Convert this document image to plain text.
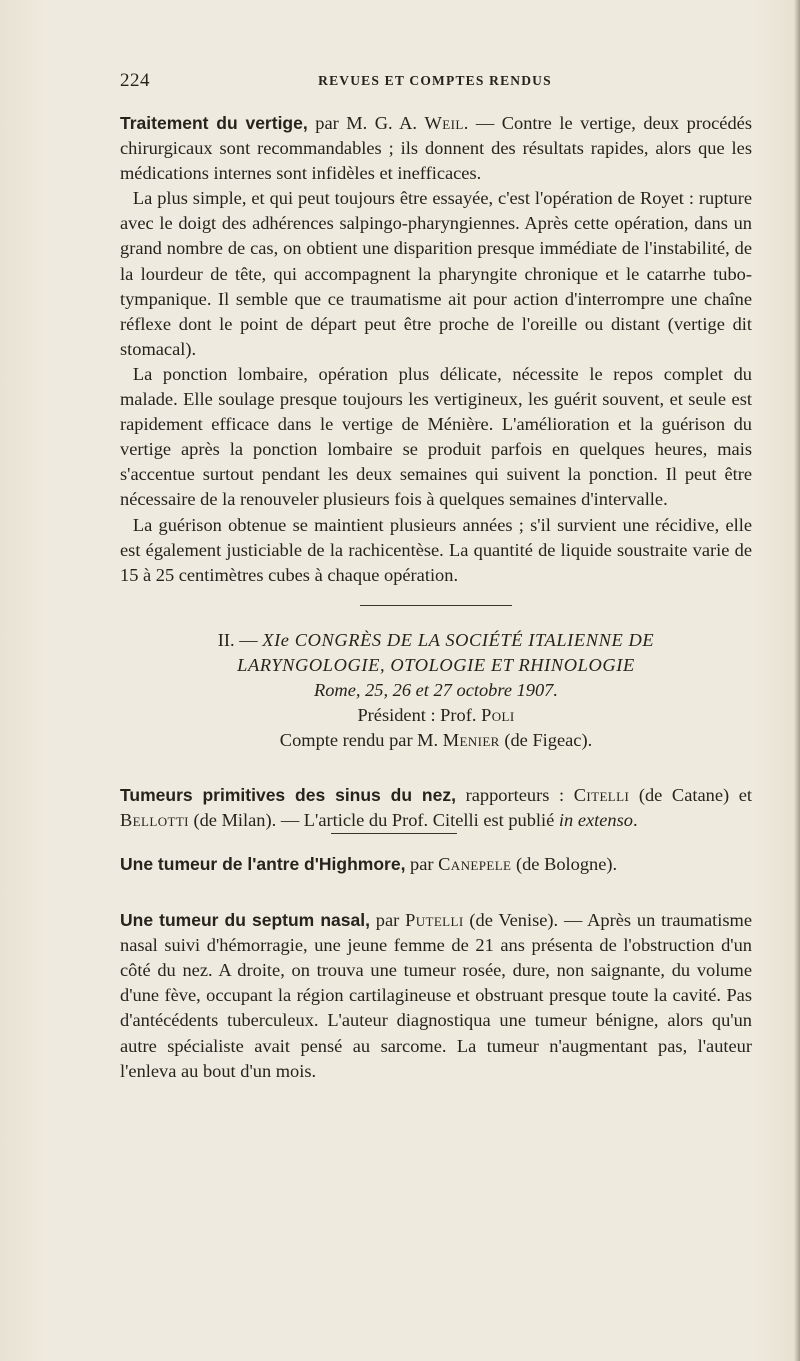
224	REVUES ET COMPTES RENDUS

Traitement du vertige, par M. G. A. Weil. — Contre le vertige, deux procédés chirurgicaux sont recommandables ; ils donnent des résultats rapides, alors que les médications internes sont infidèles et inefficaces.

La plus simple, et qui peut toujours être essayée, c'est l'opération de Royet : rupture avec le doigt des adhérences salpingo-pharyngiennes. Après cette opération, dans un grand nombre de cas, on obtient une disparition presque immédiate de l'instabilité, de la lourdeur de tête, qui accompagnent la pharyngite chronique et le catarrhe tubo-tympanique. Il semble que ce traumatisme ait pour action d'interrompre une chaîne réflexe dont le point de départ peut être proche de l'oreille ou distant (vertige dit stomacal).

La ponction lombaire, opération plus délicate, nécessite le repos complet du malade. Elle soulage presque toujours les vertigineux, les guérit souvent, et seule est rapidement efficace dans le vertige de Ménière. L'amélioration et la guérison du vertige après la ponction lombaire se produit parfois en quelques heures, mais s'accentue surtout pendant les deux semaines qui suivent la ponction. Il peut être nécessaire de la renouveler plusieurs fois à quelques semaines d'intervalle.

La guérison obtenue se maintient plusieurs années ; s'il survient une récidive, elle est également justiciable de la rachicentèse. La quantité de liquide soustraite varie de 15 à 25 centimètres cubes à chaque opération.

II. — XIe CONGRÈS DE LA SOCIÉTÉ ITALIENNE DE
LARYNGOLOGIE, OTOLOGIE ET RHINOLOGIE
Rome, 25, 26 et 27 octobre 1907.
Président : Prof. Poli
Compte rendu par M. Menier (de Figeac).

Tumeurs primitives des sinus du nez, rapporteurs : Citelli (de Catane) et Bellotti (de Milan). — L'article du Prof. Citelli est publié in extenso.

Une tumeur de l'antre d'Highmore, par Canepele (de Bologne).

Une tumeur du septum nasal, par Putelli (de Venise). — Après un traumatisme nasal suivi d'hémorragie, une jeune femme de 21 ans présenta de l'obstruction d'un côté du nez. A droite, on trouva une tumeur rosée, dure, non saignante, du volume d'une fève, occupant la région cartilagineuse et obstruant presque toute la cavité. Pas d'antécédents tuberculeux. L'auteur diagnostiqua une tumeur bénigne, alors qu'un autre spécialiste avait pensé au sarcome. La tumeur n'augmentant pas, l'auteur l'enleva au bout d'un mois.
